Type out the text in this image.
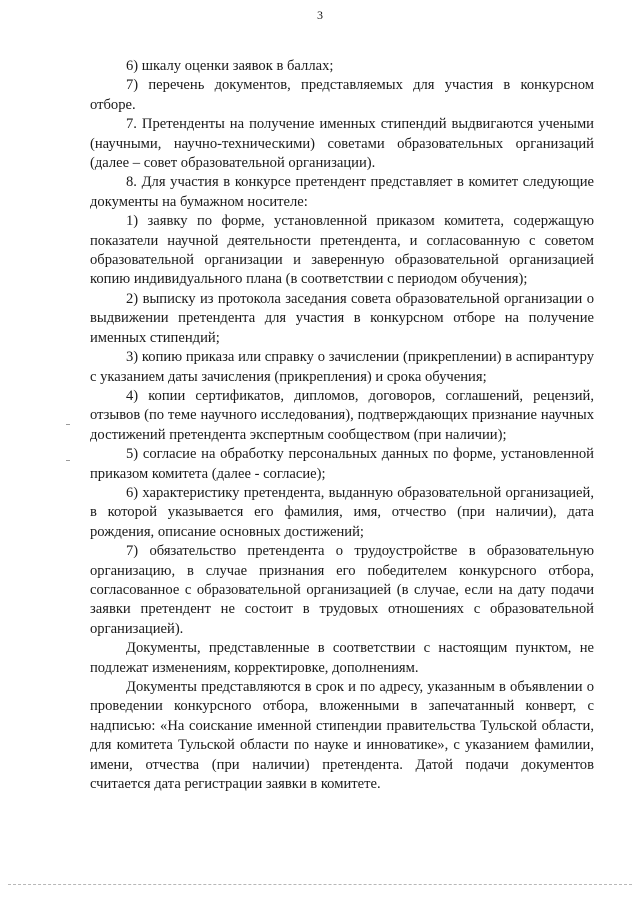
3

6) шкалу оценки заявок в баллах;

7) перечень документов, представляемых для участия в конкурсном отборе.

7. Претенденты на получение именных стипендий выдвигаются учеными (научными, научно-техническими) советами образовательных организаций (далее – совет образовательной организации).

8. Для участия в конкурсе претендент представляет в комитет следующие документы на бумажном носителе:

1) заявку по форме, установленной приказом комитета, содержащую показатели научной деятельности претендента, и согласованную с советом образовательной организации и заверенную образовательной организацией копию индивидуального плана (в соответствии с периодом обучения);

2) выписку из протокола заседания совета образовательной организации о выдвижении претендента для участия в конкурсном отборе на получение именных стипендий;

3) копию приказа или справку о зачислении (прикреплении) в аспирантуру с указанием даты зачисления (прикрепления) и срока обучения;

4) копии сертификатов, дипломов, договоров, соглашений, рецензий, отзывов (по теме научного исследования), подтверждающих признание научных достижений претендента экспертным сообществом (при наличии);

5) согласие на обработку персональных данных по форме, установленной приказом комитета (далее - согласие);

6) характеристику претендента, выданную образовательной организацией, в которой указывается его фамилия, имя, отчество (при наличии), дата рождения, описание основных достижений;

7) обязательство претендента о трудоустройстве в образовательную организацию, в случае признания его победителем конкурсного отбора, согласованное с образовательной организацией (в случае, если на дату подачи заявки претендент не состоит в трудовых отношениях с образовательной организацией).

Документы, представленные в соответствии с настоящим пунктом, не подлежат изменениям, корректировке, дополнениям.

Документы представляются в срок и по адресу, указанным в объявлении о проведении конкурсного отбора, вложенными в запечатанный конверт, с надписью: «На соискание именной стипендии правительства Тульской области, для комитета Тульской области по науке и инноватике», с указанием фамилии, имени, отчества (при наличии) претендента. Датой подачи документов считается дата регистрации заявки в комитете.
